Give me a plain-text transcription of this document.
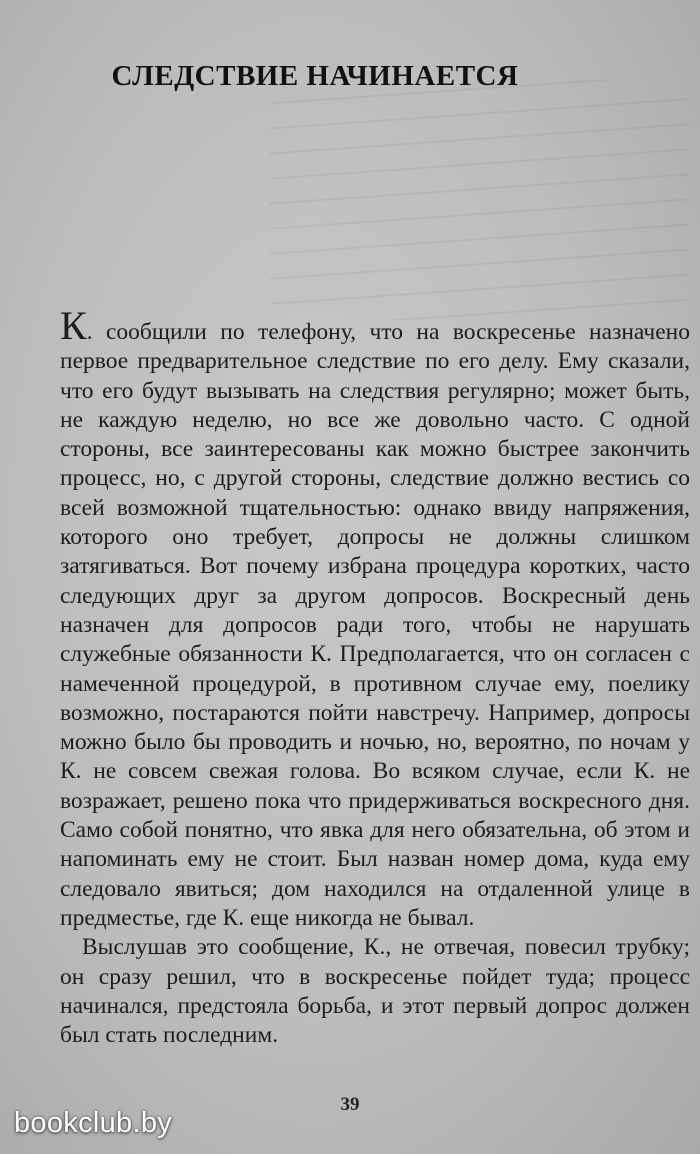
СЛЕДСТВИЕ НАЧИНАЕТСЯ

К. сообщили по телефону, что на воскресенье назначено первое предварительное следствие по его делу. Ему сказали, что его будут вызывать на следствия регулярно; может быть, не каждую неделю, но все же довольно часто. С одной стороны, все заинтересованы как можно быстрее закончить процесс, но, с другой стороны, следствие должно вестись со всей возможной тщательностью: однако ввиду напряжения, которого оно требует, допросы не должны слишком затягиваться. Вот почему избрана процедура коротких, часто следующих друг за другом допросов. Воскресный день назначен для допросов ради того, чтобы не нарушать служебные обязанности К. Предполагается, что он согласен с намеченной процедурой, в противном случае ему, поелику возможно, постараются пойти навстречу. Например, допросы можно было бы проводить и ночью, но, вероятно, по ночам у К. не совсем свежая голова. Во всяком случае, если К. не возражает, решено пока что придерживаться воскресного дня. Само собой понятно, что явка для него обязательна, об этом и напоминать ему не стоит. Был назван номер дома, куда ему следовало явиться; дом находился на отдаленной улице в предместье, где К. еще никогда не бывал.

Выслушав это сообщение, К., не отвечая, повесил трубку; он сразу решил, что в воскресенье пойдет туда; процесс начинался, предстояла борьба, и этот первый допрос должен был стать последним.

39
bookclub.by
